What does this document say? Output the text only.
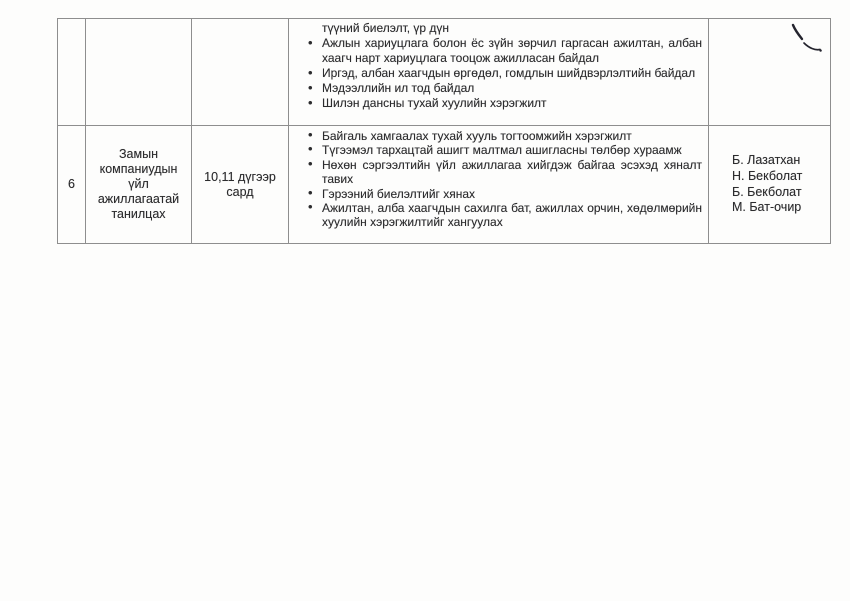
түүний биелэлт, үр дүн
• Ажлын хариуцлага болон ёс зүйн зөрчил гаргасан ажилтан, албан хаагч нарт хариуцлага тооцож ажилласан байдал
• Иргэд, албан хаагчдын өргөдөл, гомдлын шийдвэрлэлтийн байдал
• Мэдээллийн ил тод байдал
• Шилэн дансны тухай хуулийн хэрэгжилт
6
Замын компаниудын үйл ажиллагаатай танилцах
10,11 дүгээр сард
• Байгаль хамгаалах тухай хууль тогтоомжийн хэрэгжилт
• Түгээмэл тархацтай ашигт малтмал ашигласны төлбөр хураамж
• Нөхөн сэргээлтийн үйл ажиллагаа хийгдэж байгаа эсэхэд хяналт тавих
• Гэрээний биелэлтийг хянах
• Ажилтан, алба хаагчдын сахилга бат, ажиллах орчин, хөдөлмөрийн хуулийн хэрэгжилтийг хангуулах
Б. Лазатхан
Н. Бекболат
Б. Бекболат
М. Бат-очир
